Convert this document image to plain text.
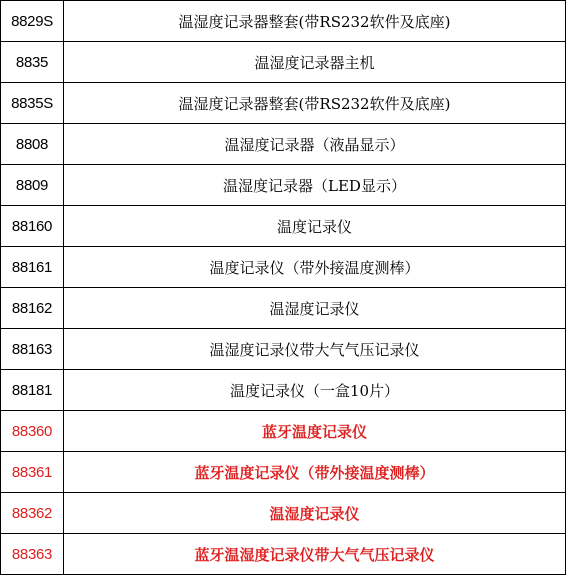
8829S	温湿度记录器整套(带RS232软件及底座)
8835	温湿度记录器主机
8835S	温湿度记录器整套(带RS232软件及底座)
8808	温湿度记录器（液晶显示）
8809	温湿度记录器（LED显示）
88160	温度记录仪
88161	温度记录仪（带外接温度测棒）
88162	温湿度记录仪
88163	温湿度记录仪带大气气压记录仪
88181	温度记录仪（一盒10片）
88360	蓝牙温度记录仪
88361	蓝牙温度记录仪（带外接温度测棒）
88362	温湿度记录仪
88363	蓝牙温湿度记录仪带大气气压记录仪
